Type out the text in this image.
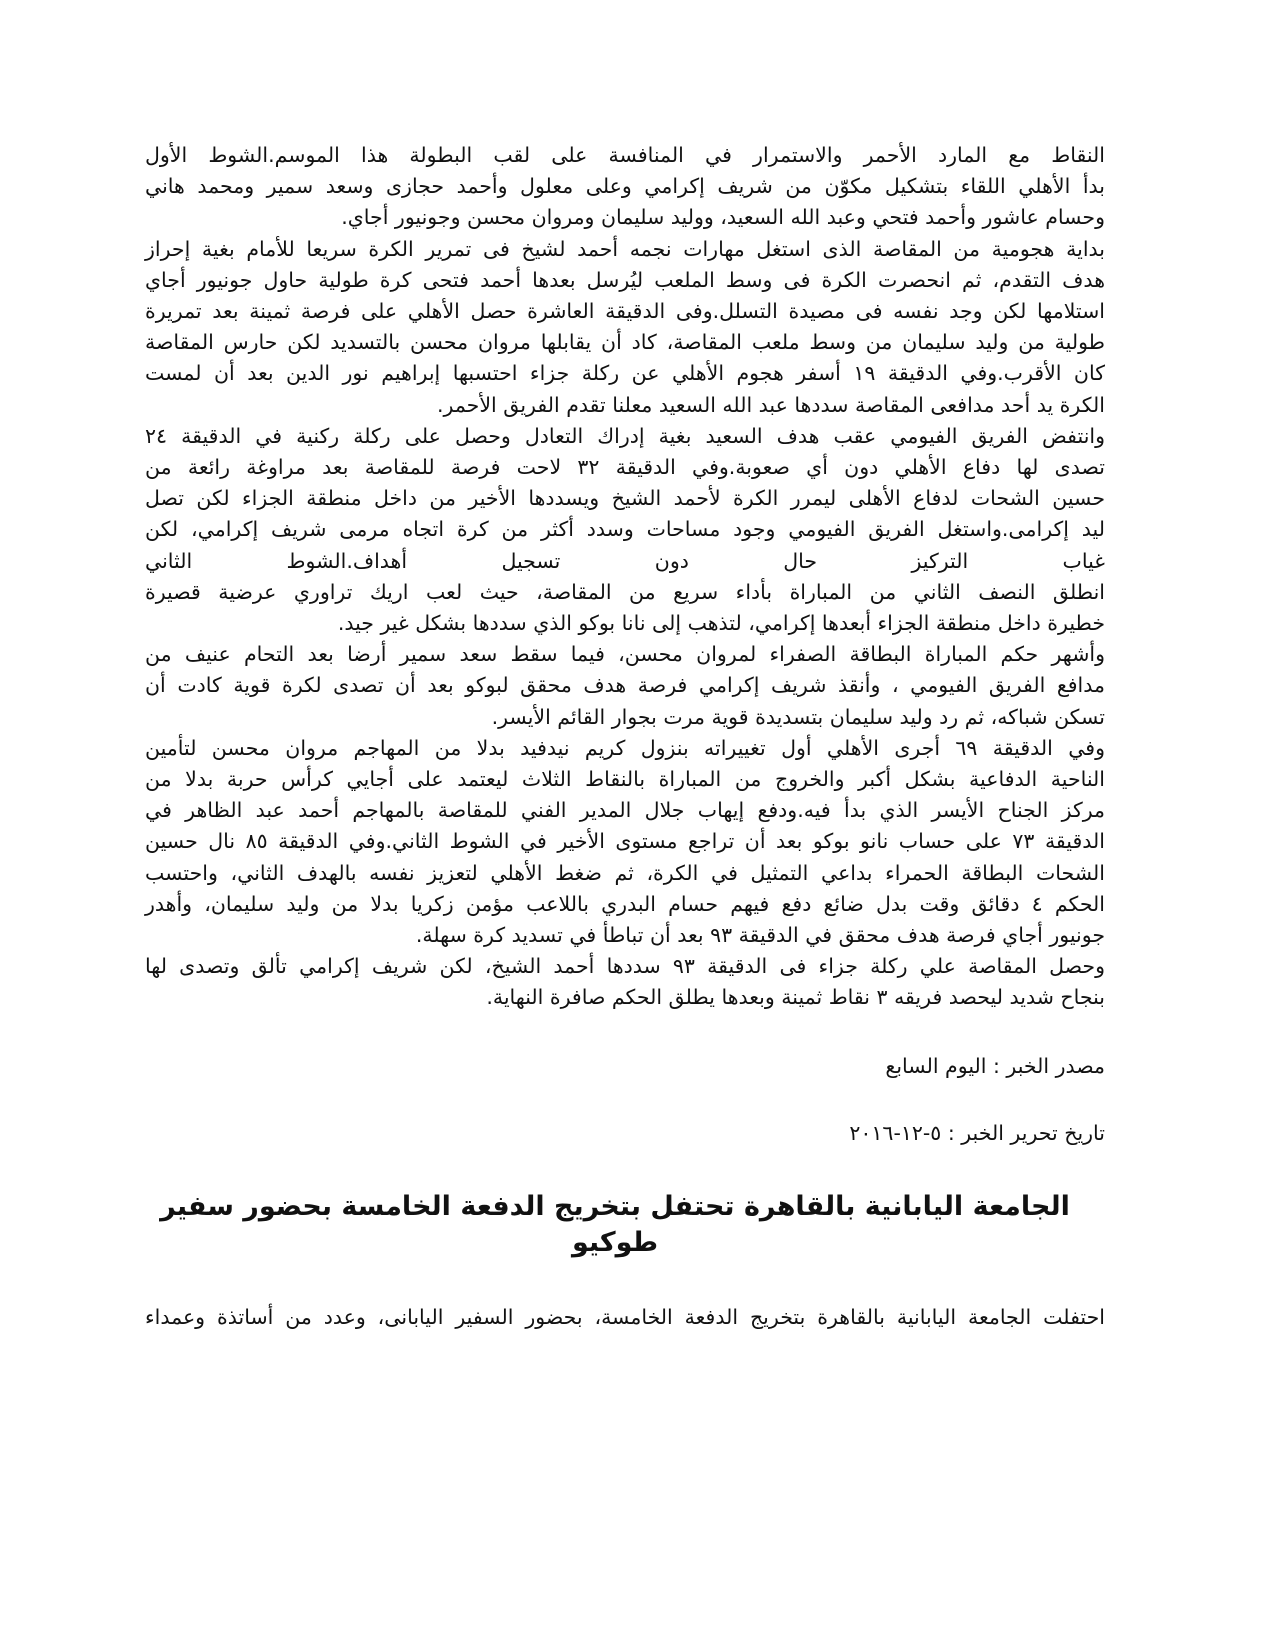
النقاط مع المارد الأحمر والاستمرار في المنافسة على لقب البطولة هذا الموسم.الشوط الأول
بدأ الأهلي اللقاء بتشكيل مكوّن من شريف إكرامي وعلى معلول وأحمد حجازى وسعد سمير ومحمد هاني
وحسام عاشور وأحمد فتحي وعبد الله السعيد، ووليد سليمان ومروان محسن وجونيور أجاي.
بداية هجومية من المقاصة الذى استغل مهارات نجمه أحمد لشيخ فى تمرير الكرة سريعا للأمام بغية إحراز
هدف التقدم، ثم انحصرت الكرة فى وسط الملعب ليُرسل بعدها أحمد فتحى كرة طولية حاول جونيور أجاي
استلامها لكن وجد نفسه فى مصيدة التسلل.وفى الدقيقة العاشرة حصل الأهلي على فرصة ثمينة بعد تمريرة
طولية من وليد سليمان من وسط ملعب المقاصة، كاد أن يقابلها مروان محسن بالتسديد لكن حارس المقاصة
كان الأقرب.وفي الدقيقة ١٩ أسفر هجوم الأهلي عن ركلة جزاء احتسبها إبراهيم نور الدين بعد أن لمست
الكرة يد أحد مدافعى المقاصة سددها عبد الله السعيد معلنا تقدم الفريق الأحمر.
وانتفض الفريق الفيومي عقب هدف السعيد بغية إدراك التعادل وحصل على ركلة ركنية في الدقيقة ٢٤
تصدى لها دفاع الأهلي دون أي صعوبة.وفي الدقيقة ٣٢ لاحت فرصة للمقاصة بعد مراوغة رائعة من
حسين الشحات لدفاع الأهلى ليمرر الكرة لأحمد الشيخ ويسددها الأخير من داخل منطقة الجزاء لكن تصل
ليد إكرامى.واستغل الفريق الفيومي وجود مساحات وسدد أكثر من كرة اتجاه مرمى شريف إكرامي، لكن
غياب التركيز حال دون تسجيل أهداف.الشوط الثاني
انطلق النصف الثاني من المباراة بأداء سريع من المقاصة، حيث لعب اريك تراوري عرضية قصيرة
خطيرة داخل منطقة الجزاء أبعدها إكرامي، لتذهب إلى نانا بوكو الذي سددها بشكل غير جيد.
وأشهر حكم المباراة البطاقة الصفراء لمروان محسن، فيما سقط سعد سمير أرضا بعد التحام عنيف من
مدافع الفريق الفيومي ، وأنقذ شريف إكرامي فرصة هدف محقق لبوكو بعد أن تصدى لكرة قوية كادت أن
تسكن شباكه، ثم رد وليد سليمان بتسديدة قوية مرت بجوار القائم الأيسر.
وفي الدقيقة ٦٩ أجرى الأهلي أول تغييراته بنزول كريم نيدفيد بدلا من المهاجم مروان محسن لتأمين
الناحية الدفاعية بشكل أكبر والخروج من المباراة بالنقاط الثلاث ليعتمد على أجايي كرأس حربة بدلا من
مركز الجناح الأيسر الذي بدأ فيه.ودفع إيهاب جلال المدير الفني للمقاصة بالمهاجم أحمد عبد الظاهر في
الدقيقة ٧٣ على حساب نانو بوكو بعد أن تراجع مستوى الأخير في الشوط الثاني.وفي الدقيقة ٨٥ نال حسين
الشحات البطاقة الحمراء بداعي التمثيل في الكرة، ثم ضغط الأهلي لتعزيز نفسه بالهدف الثاني، واحتسب
الحكم ٤ دقائق وقت بدل ضائع دفع فيهم حسام البدري باللاعب مؤمن زكريا بدلا من وليد سليمان، وأهدر
جونيور أجاي فرصة هدف محقق في الدقيقة ٩٣ بعد أن تباطأ في تسديد كرة سهلة.
وحصل المقاصة علي ركلة جزاء فى الدقيقة ٩٣ سددها أحمد الشيخ، لكن شريف إكرامي تألق وتصدى لها
بنجاح شديد ليحصد فريقه ٣ نقاط ثمينة وبعدها يطلق الحكم صافرة النهاية.

مصدر الخبر : اليوم السابع

تاريخ تحرير الخبر : ٥-١٢-٢٠١٦

الجامعة اليابانية بالقاهرة تحتفل بتخريج الدفعة الخامسة بحضور سفير طوكيو

احتفلت الجامعة اليابانية بالقاهرة بتخريج الدفعة الخامسة، بحضور السفير اليابانى، وعدد من أساتذة وعمداء
